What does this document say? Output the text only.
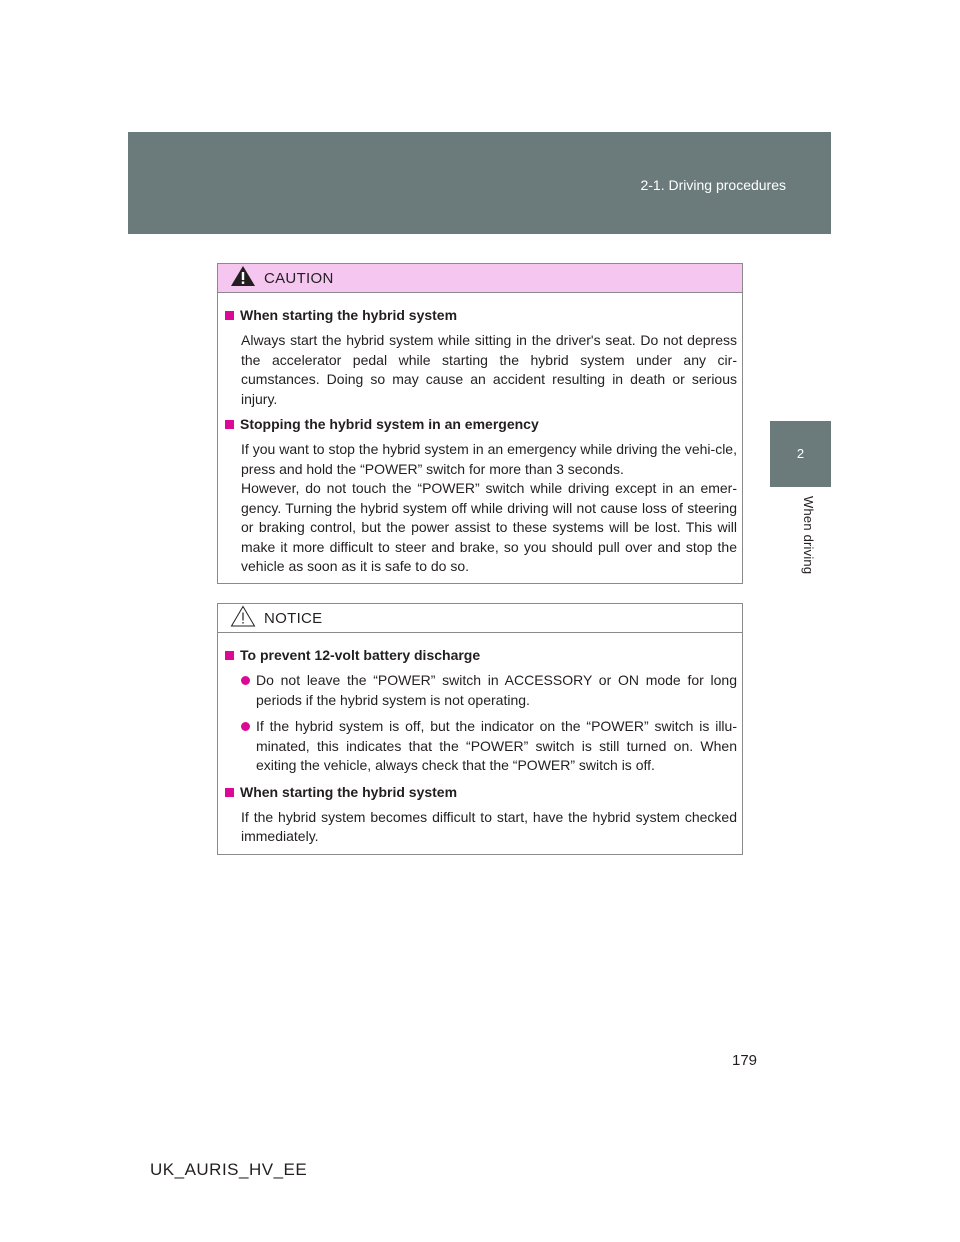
2-1. Driving procedures
2
When driving
CAUTION
When starting the hybrid system

Always start the hybrid system while sitting in the driver's seat. Do not depress the accelerator pedal while starting the hybrid system under any cir-cumstances. Doing so may cause an accident resulting in death or serious injury.

Stopping the hybrid system in an emergency

If you want to stop the hybrid system in an emergency while driving the vehi-cle, press and hold the “POWER” switch for more than 3 seconds.

However, do not touch the “POWER” switch while driving except in an emer-gency. Turning the hybrid system off while driving will not cause loss of steering or braking control, but the power assist to these systems will be lost. This will make it more difficult to steer and brake, so you should pull over and stop the vehicle as soon as it is safe to do so.

NOTICE
To prevent 12-volt battery discharge
Do not leave the “POWER” switch in ACCESSORY or ON mode for long periods if the hybrid system is not operating.
If the hybrid system is off, but the indicator on the “POWER” switch is illu-minated, this indicates that the “POWER” switch is still turned on. When exiting the vehicle, always check that the “POWER” switch is off.
When starting the hybrid system

If the hybrid system becomes difficult to start, have the hybrid system checked immediately.

179
UK_AURIS_HV_EE
